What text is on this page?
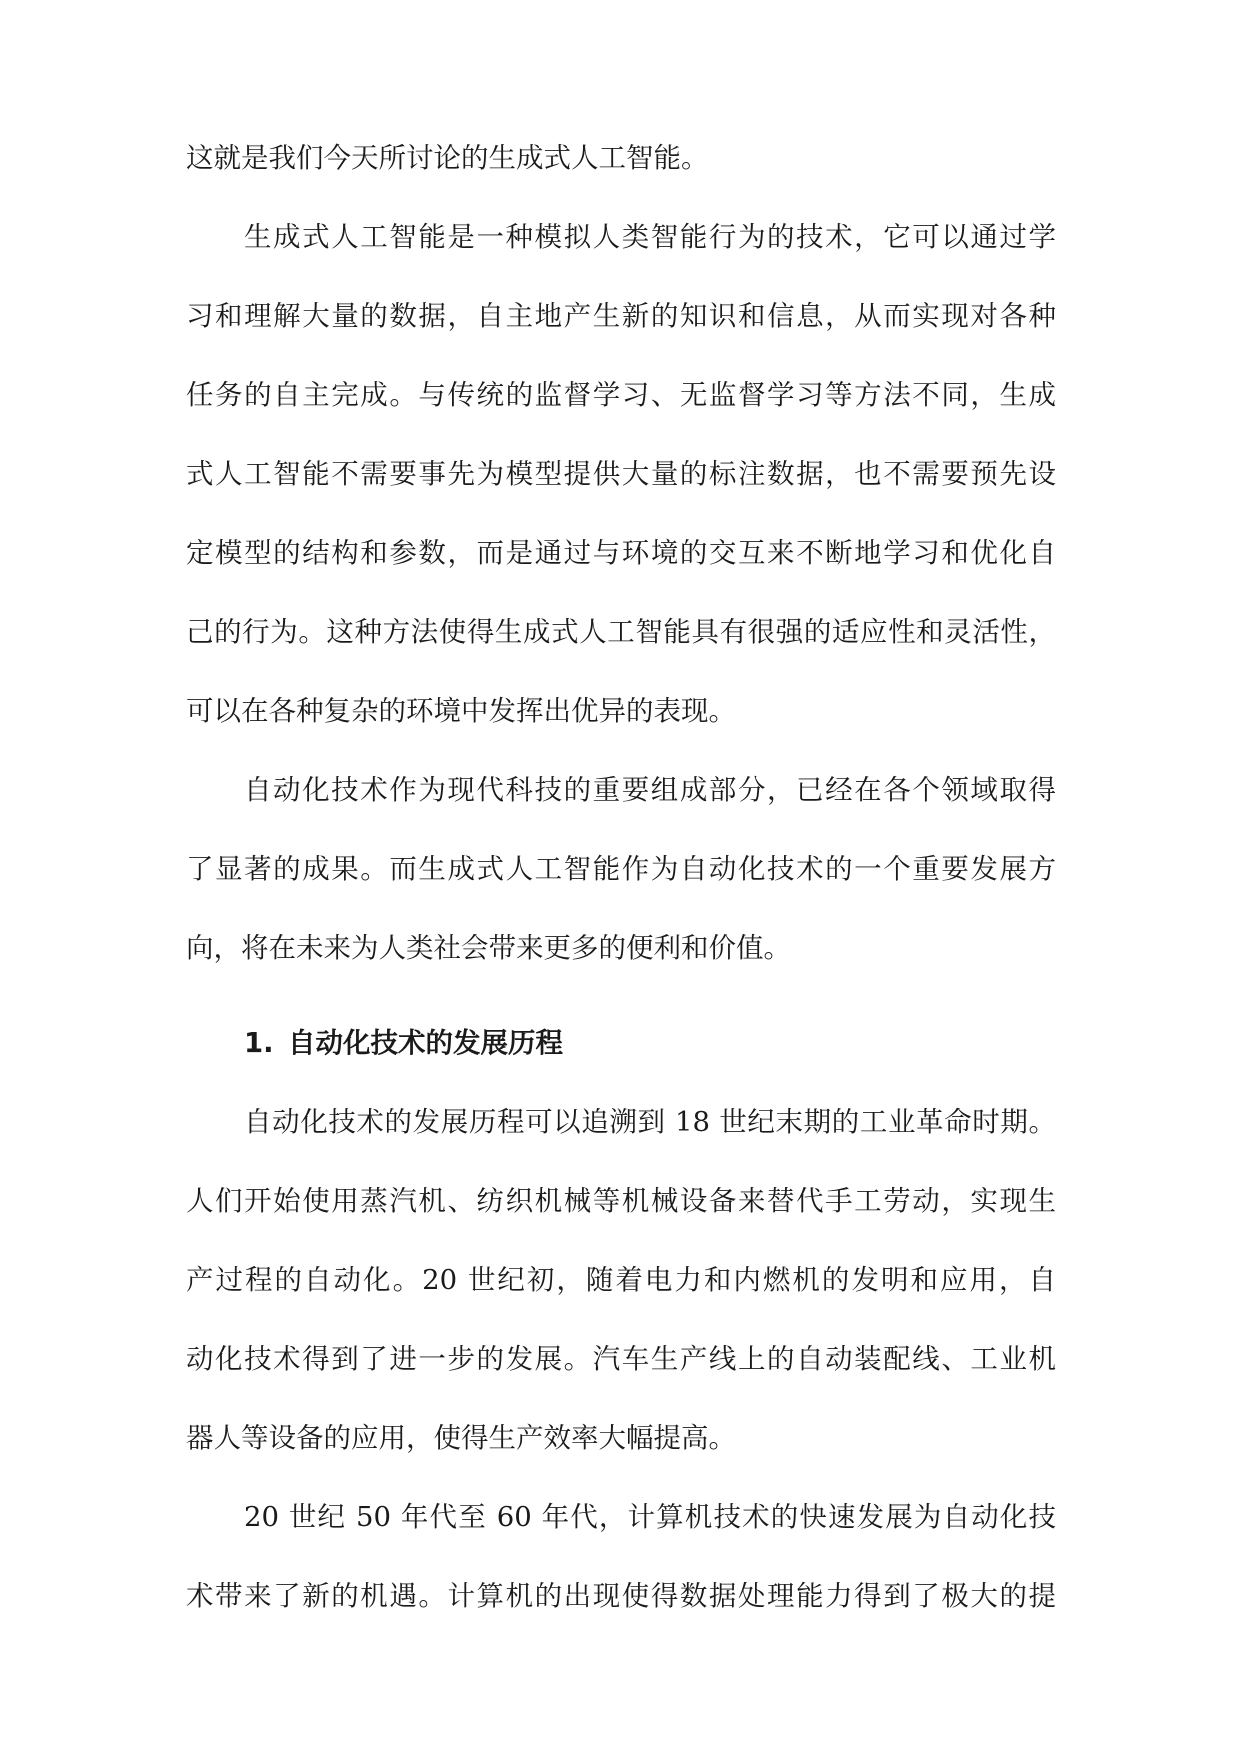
这就是我们今天所讨论的生成式人工智能。
生成式人工智能是一种模拟人类智能行为的技术，它可以通过学
习和理解大量的数据，自主地产生新的知识和信息，从而实现对各种
任务的自主完成。与传统的监督学习、无监督学习等方法不同，生成
式人工智能不需要事先为模型提供大量的标注数据，也不需要预先设
定模型的结构和参数，而是通过与环境的交互来不断地学习和优化自
己的行为。这种方法使得生成式人工智能具有很强的适应性和灵活性，
可以在各种复杂的环境中发挥出优异的表现。
自动化技术作为现代科技的重要组成部分，已经在各个领域取得
了显著的成果。而生成式人工智能作为自动化技术的一个重要发展方
向，将在未来为人类社会带来更多的便利和价值。
1. 自动化技术的发展历程
自动化技术的发展历程可以追溯到 18 世纪末期的工业革命时期。
人们开始使用蒸汽机、纺织机械等机械设备来替代手工劳动，实现生
产过程的自动化。20 世纪初，随着电力和内燃机的发明和应用，自
动化技术得到了进一步的发展。汽车生产线上的自动装配线、工业机
器人等设备的应用，使得生产效率大幅提高。
20 世纪 50 年代至 60 年代，计算机技术的快速发展为自动化技
术带来了新的机遇。计算机的出现使得数据处理能力得到了极大的提
